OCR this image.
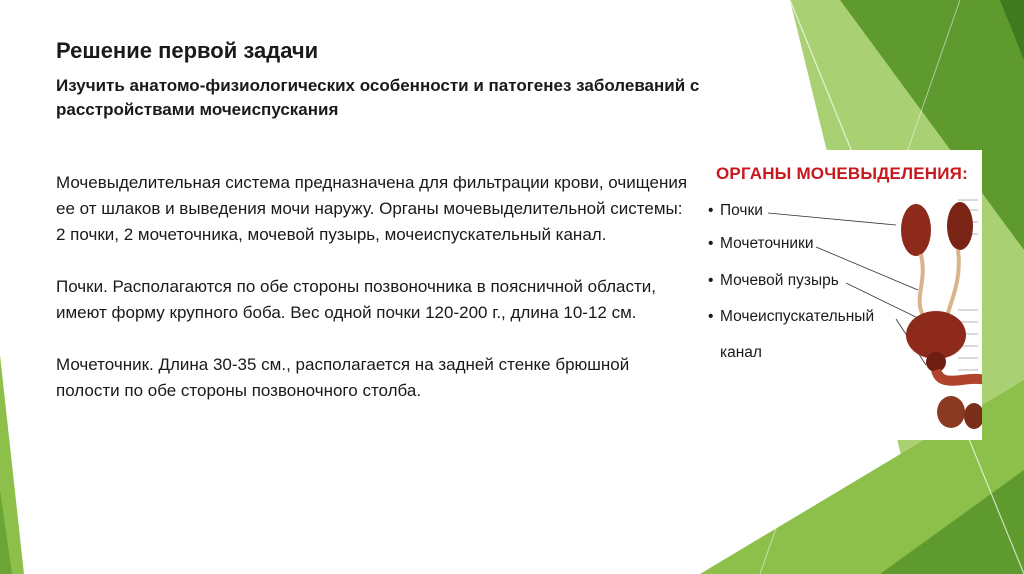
Решение первой задачи
Изучить анатомо-физиологических особенности и патогенез заболеваний с расстройствами мочеиспускания

Мочевыделительная система предназначена для фильтрации крови, очищения ее от шлаков и выведения мочи наружу. Органы мочевыделительной системы: 2 почки, 2 мочеточника, мочевой пузырь, мочеиспускательный канал.

Почки. Располагаются по обе стороны позвоночника в поясничной области, имеют форму крупного боба. Вес одной почки 120-200 г., длина 10-12 см.

Мочеточник. Длина 30-35 см., располагается на задней стенке брюшной полости по обе стороны позвоночного столба.

ОРГАНЫ МОЧЕВЫДЕЛЕНИЯ:
• Почки
• Мочеточники
• Мочевой пузырь
• Мочеиспускательный
канал
